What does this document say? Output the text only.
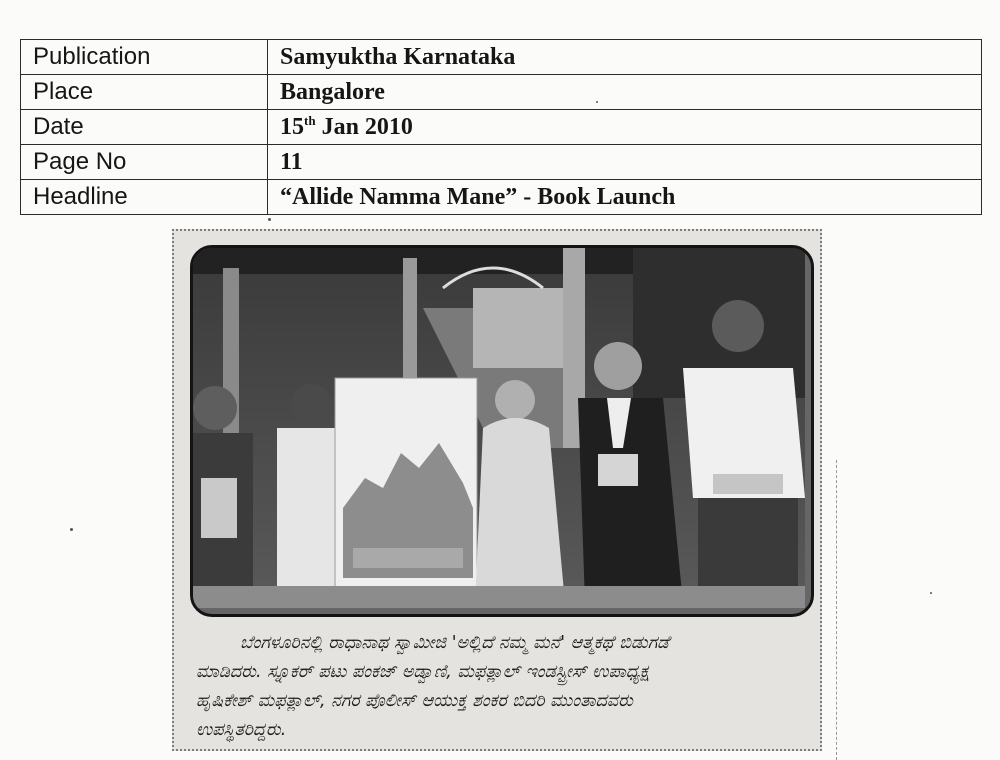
Publication	Samyuktha Karnataka
Place	Bangalore
Date	15th Jan 2010
Page No	11
Headline	“Allide Namma Mane” - Book Launch
ಬೆಂಗಳೂರಿನಲ್ಲಿ ರಾಧಾನಾಥ ಸ್ವಾಮೀಜಿ 'ಅಲ್ಲಿದೆ ನಮ್ಮ ಮನೆ' ಆತ್ಮಕಥೆ ಬಿಡುಗಡೆ
ಮಾಡಿದರು. ಸ್ನೂಕರ್ ಪಟು ಪಂಕಜ್ ಅಡ್ವಾಣಿ, ಮಫತ್ಲಾಲ್ ಇಂಡಸ್ಟ್ರೀಸ್ ಉಪಾಧ್ಯಕ್ಷ
ಹೃಷಿಕೇಶ್ ಮಫತ್ಲಾಲ್, ನಗರ ಪೊಲೀಸ್ ಆಯುಕ್ತ ಶಂಕರ ಬಿದರಿ ಮುಂತಾದವರು
ಉಪಸ್ಥಿತರಿದ್ದರು.
